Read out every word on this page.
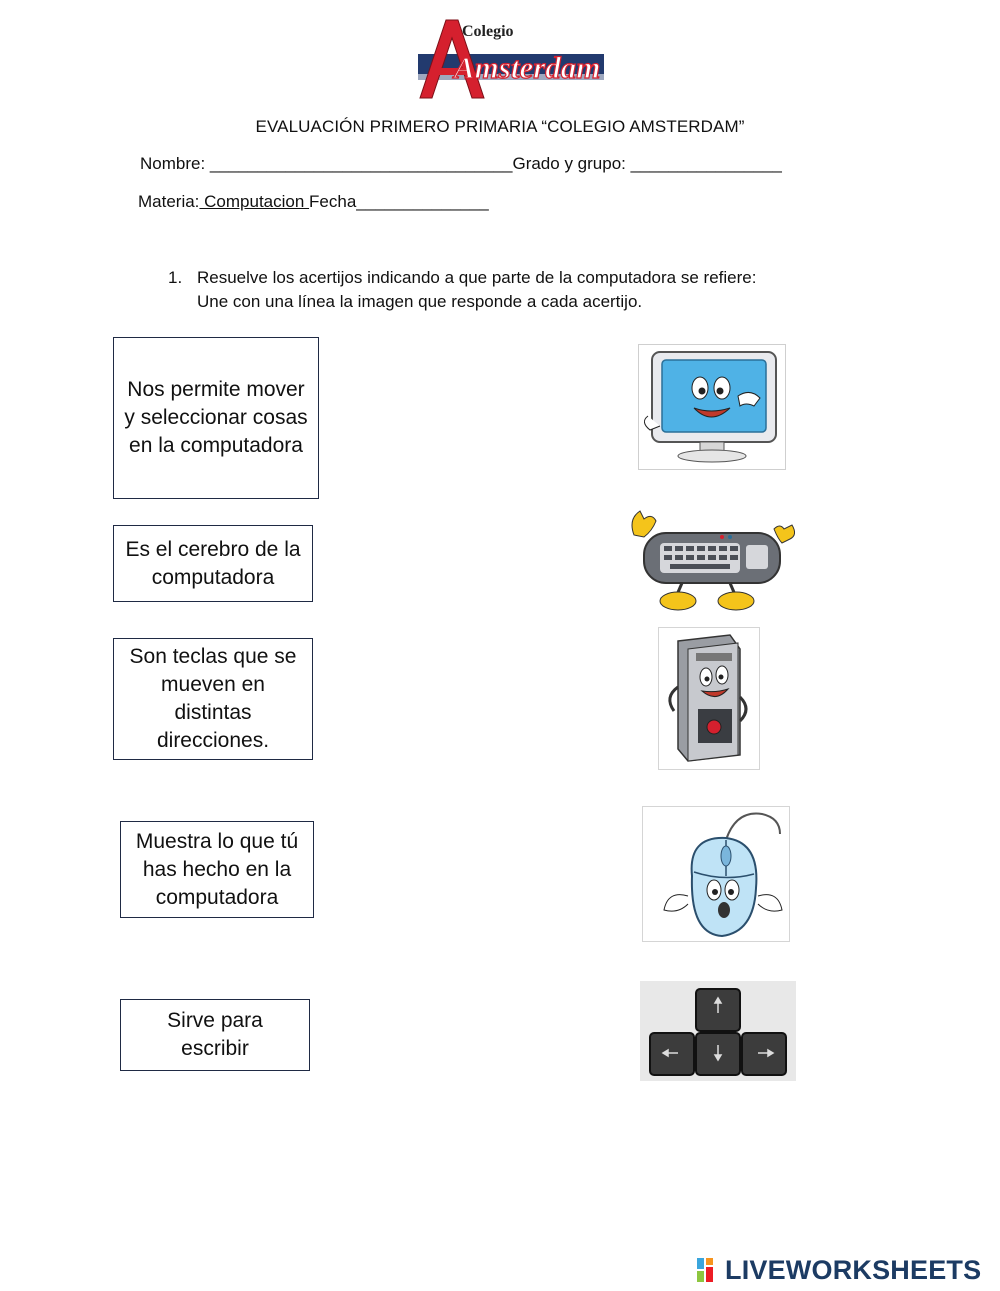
Colegio
Amsterdam
EVALUACIÓN PRIMERO PRIMARIA “COLEGIO AMSTERDAM”
Nombre: ________________________________Grado y grupo: ________________
Materia: Computacion Fecha______________
1. Resuelve los acertijos indicando a que parte de la computadora se refiere:
Une con una línea la imagen que responde a cada acertijo.
Nos permite mover y seleccionar cosas en la computadora
Es el cerebro de la computadora
Son teclas que se mueven en distintas direcciones.
Muestra lo que tú has hecho en la computadora
Sirve para escribir
LIVEWORKSHEETS
